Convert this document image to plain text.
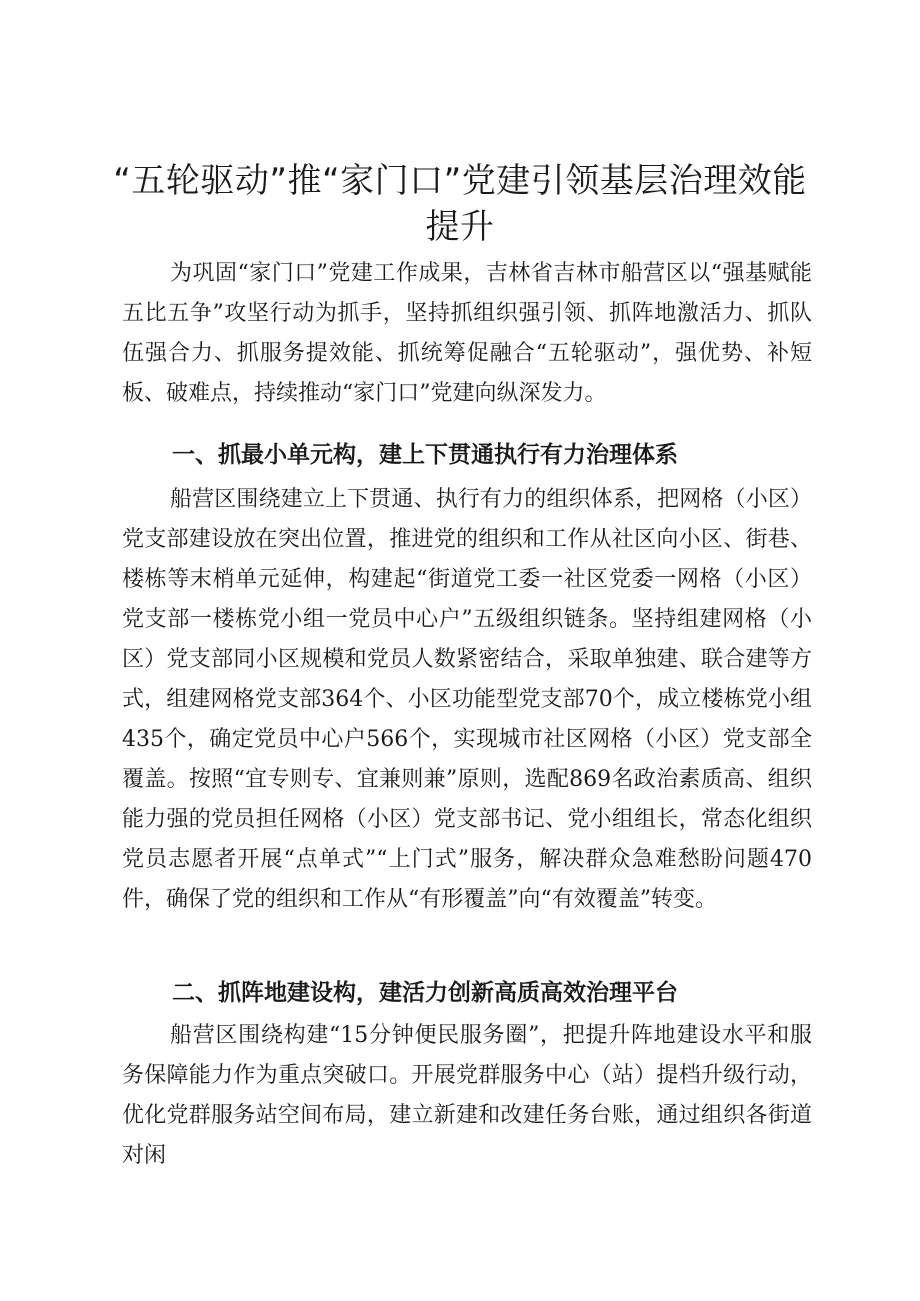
“五轮驱动”推“家门口”党建引领基层治理效能提升

为巩固“家门口”党建工作成果，吉林省吉林市船营区以“强基赋能五比五争”攻坚行动为抓手，坚持抓组织强引领、抓阵地激活力、抓队伍强合力、抓服务提效能、抓统筹促融合“五轮驱动”，强优势、补短板、破难点，持续推动“家门口”党建向纵深发力。

一、抓最小单元构，建上下贯通执行有力治理体系

船营区围绕建立上下贯通、执行有力的组织体系，把网格（小区）党支部建设放在突出位置，推进党的组织和工作从社区向小区、街巷、楼栋等末梢单元延伸，构建起“街道党工委一社区党委一网格（小区）党支部一楼栋党小组一党员中心户”五级组织链条。坚持组建网格（小区）党支部同小区规模和党员人数紧密结合，采取单独建、联合建等方式，组建网格党支部364个、小区功能型党支部70个，成立楼栋党小组435个，确定党员中心户566个，实现城市社区网格（小区）党支部全覆盖。按照“宜专则专、宜兼则兼”原则，选配869名政治素质高、组织能力强的党员担任网格（小区）党支部书记、党小组组长，常态化组织党员志愿者开展“点单式”“上门式”服务，解决群众急难愁盼问题470件，确保了党的组织和工作从“有形覆盖”向“有效覆盖”转变。

二、抓阵地建设构，建活力创新高质高效治理平台

船营区围绕构建“15分钟便民服务圈”，把提升阵地建设水平和服务保障能力作为重点突破口。开展党群服务中心（站）提档升级行动，优化党群服务站空间布局，建立新建和改建任务台账，通过组织各街道对闲
